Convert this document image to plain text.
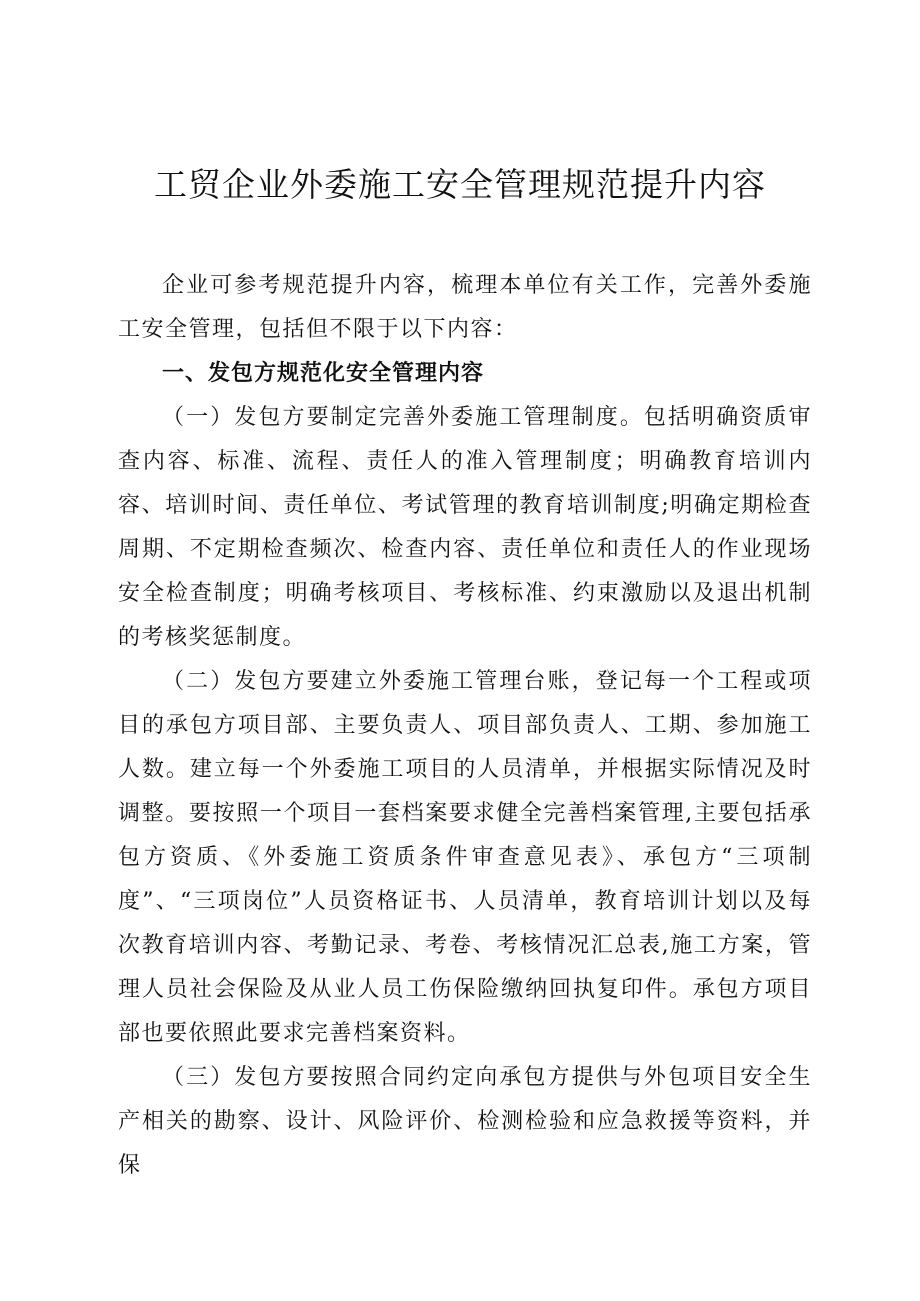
工贸企业外委施工安全管理规范提升内容

企业可参考规范提升内容，梳理本单位有关工作，完善外委施工安全管理，包括但不限于以下内容：

一、发包方规范化安全管理内容

（一）发包方要制定完善外委施工管理制度。包括明确资质审查内容、标准、流程、责任人的准入管理制度；明确教育培训内容、培训时间、责任单位、考试管理的教育培训制度;明确定期检查周期、不定期检查频次、检查内容、责任单位和责任人的作业现场安全检查制度；明确考核项目、考核标准、约束激励以及退出机制的考核奖惩制度。

（二）发包方要建立外委施工管理台账，登记每一个工程或项目的承包方项目部、主要负责人、项目部负责人、工期、参加施工人数。建立每一个外委施工项目的人员清单，并根据实际情况及时调整。要按照一个项目一套档案要求健全完善档案管理,主要包括承包方资质、《外委施工资质条件审查意见表》、承包方“三项制度”、“三项岗位”人员资格证书、人员清单，教育培训计划以及每次教育培训内容、考勤记录、考卷、考核情况汇总表,施工方案，管理人员社会保险及从业人员工伤保险缴纳回执复印件。承包方项目部也要依照此要求完善档案资料。

（三）发包方要按照合同约定向承包方提供与外包项目安全生产相关的勘察、设计、风险评价、检测检验和应急救援等资料，并保
